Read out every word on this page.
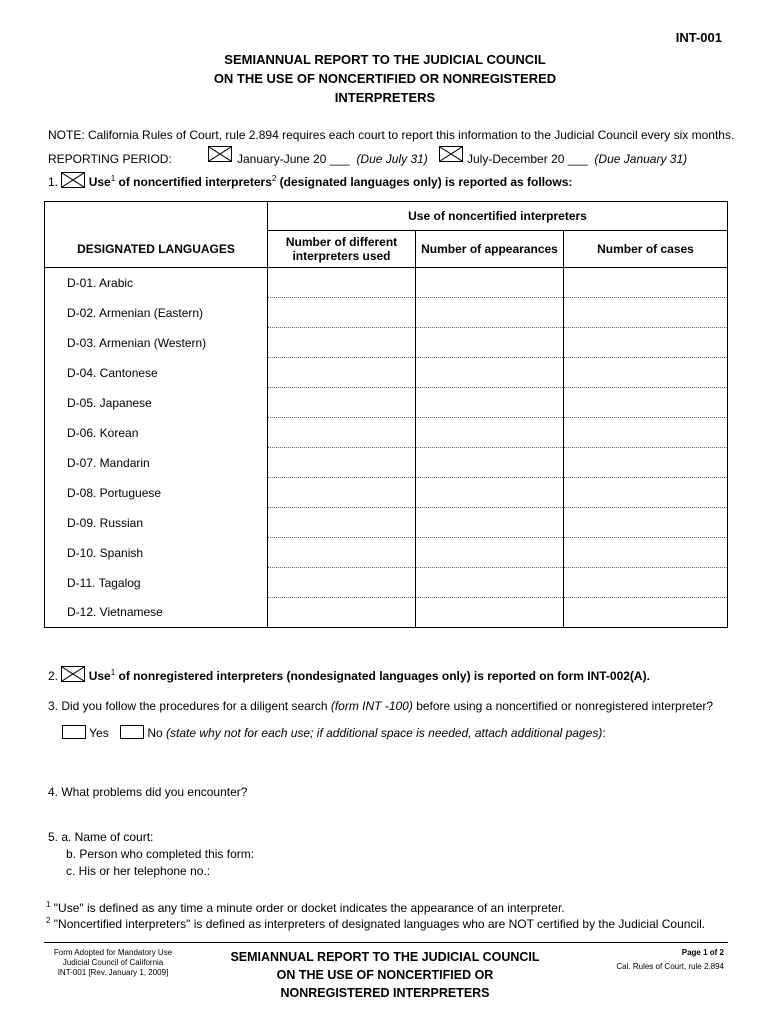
INT-001
SEMIANNUAL REPORT TO THE JUDICIAL COUNCIL
ON THE USE OF NONCERTIFIED OR NONREGISTERED
INTERPRETERS
NOTE: California Rules of Court, rule 2.894 requires each court to report this information to the Judicial Council every six months.
REPORTING PERIOD:	January-June 20 ___ (Due July 31)	July-December 20 ___ (Due January 31)
1.	Use$^1$ of noncertified interpreters$^2$ (designated languages only) is reported as follows:
DESIGNATED LANGUAGES	Use of noncertified interpreters		

	Number of different
interpreters used	Number of appearances	Number of cases
D-01. Arabic			
D-02. Armenian (Eastern)			
D-03. Armenian (Western)			
D-04. Cantonese			
D-05. Japanese			
D-06. Korean			
D-07. Mandarin			
D-08. Portuguese			
D-09. Russian			
D-10. Spanish			
D-11. Tagalog			
D-12. Vietnamese			
2.	Use$^1$ of nonregistered interpreters (nondesignated languages only) is reported on form INT-002(A).
3. Did you follow the procedures for a diligent search (form INT -100) before using a noncertified or nonregistered interpreter?
Yes	No (state why not for each use; if additional space is needed, attach additional pages):
4. What problems did you encounter?
5. a. Name of court:
b. Person who completed this form:
c. His or her telephone no.:
$^1$ "Use" is defined as any time a minute order or docket indicates the appearance of an interpreter.
$^2$ "Noncertified interpreters" is defined as interpreters of designated languages who are NOT certified by the Judicial Council.
Form Adopted for Mandatory Use
Judicial Council of California
INT-001 [Rev. January 1, 2009]
SEMIANNUAL REPORT TO THE JUDICIAL COUNCIL
ON THE USE OF NONCERTIFIED OR
NONREGISTERED INTERPRETERS
Page 1 of 2
Cal. Rules of Court, rule 2.894
